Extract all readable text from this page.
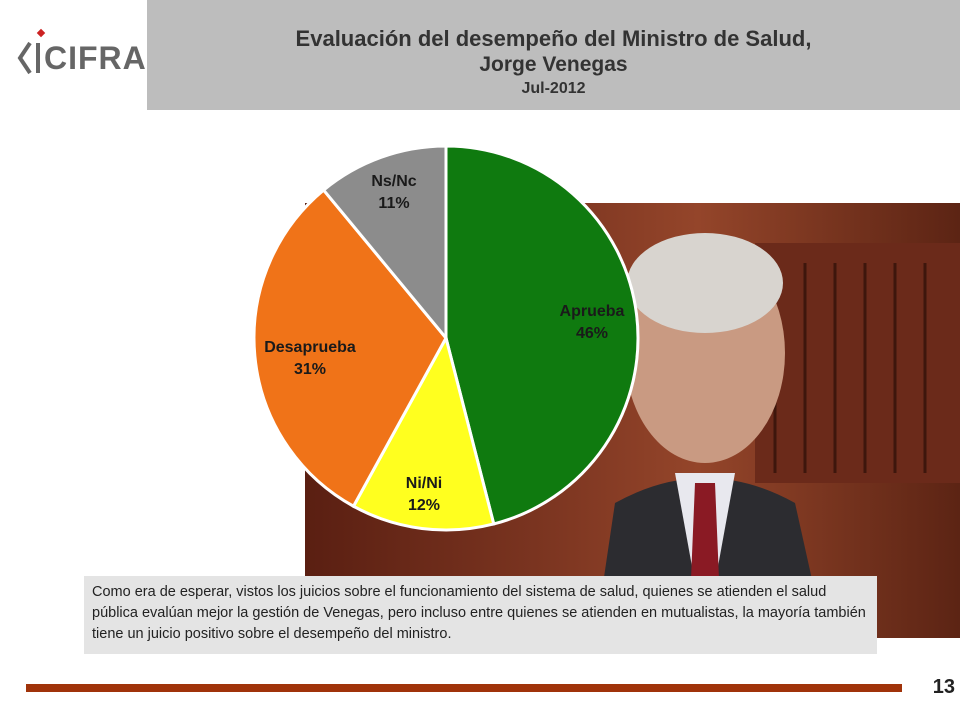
CIFRA
Evaluación del desempeño del Ministro de Salud,
Jorge Venegas
Jul-2012
Aprueba
46%
Ni/Ni
12%
Desaprueba
31%
Ns/Nc
11%
Como era de esperar, vistos los juicios sobre el funcionamiento del sistema de salud, quienes se atienden el salud pública evalúan mejor la gestión de Venegas, pero incluso entre quienes se atienden en mutualistas, la mayoría también tiene un juicio positivo sobre el desempeño del ministro.
13
